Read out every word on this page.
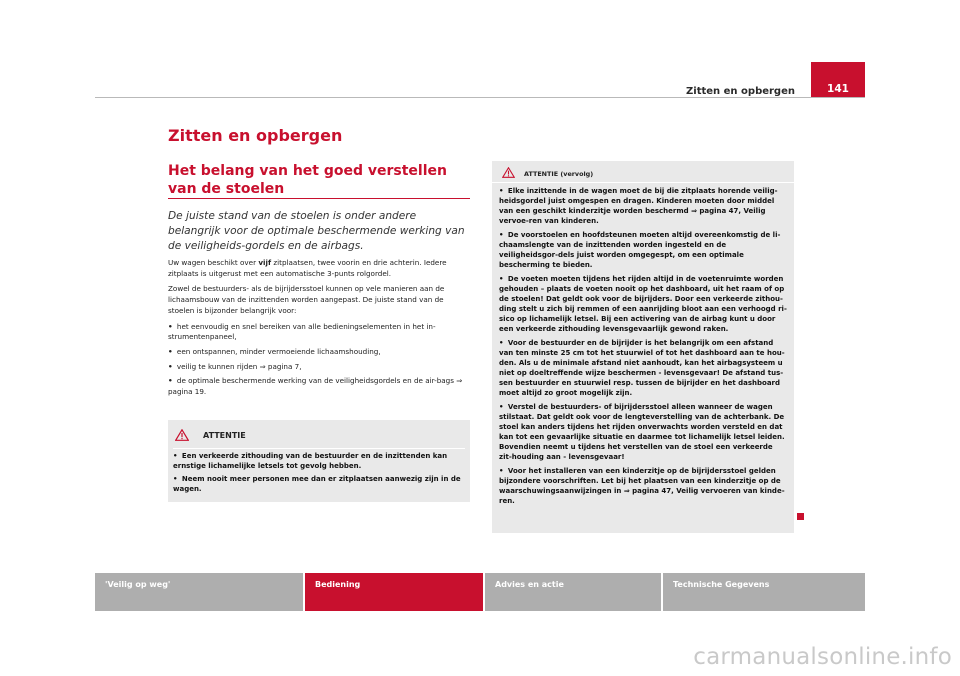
141
Zitten en opbergen
Zitten en opbergen
Het belang van het goed verstellen van de stoelen

De juiste stand van de stoelen is onder andere belangrijk voor de optimale beschermende werking van de veiligheids-gordels en de airbags.

Uw wagen beschikt over vijf zitplaatsen, twee voorin en drie achterin. Iedere zitplaats is uitgerust met een automatische 3-punts rolgordel.

Zowel de bestuurders- als de bijrijdersstoel kunnen op vele manieren aan de lichaamsbouw van de inzittenden worden aangepast. De juiste stand van de stoelen is bijzonder belangrijk voor:

• het eenvoudig en snel bereiken van alle bedieningselementen in het in-strumentenpaneel,

• een ontspannen, minder vermoeiende lichaamshouding,

• veilig te kunnen rijden ⇒ pagina 7,

• de optimale beschermende werking van de veiligheidsgordels en de air-bags ⇒ pagina 19.

ATTENTIE

• Een verkeerde zithouding van de bestuurder en de inzittenden kan ernstige lichamelijke letsels tot gevolg hebben.

• Neem nooit meer personen mee dan er zitplaatsen aanwezig zijn in de wagen.

ATTENTIE (vervolg)

• Elke inzittende in de wagen moet de bij die zitplaats horende veilig-heidsgordel juist omgespen en dragen. Kinderen moeten door middel van een geschikt kinderzitje worden beschermd ⇒ pagina 47, Veilig vervoe-ren van kinderen.

• De voorstoelen en hoofdsteunen moeten altijd overeenkomstig de li-chaamslengte van de inzittenden worden ingesteld en de veiligheidsgor-dels juist worden omgegespt, om een optimale bescherming te bieden.

• De voeten moeten tijdens het rijden altijd in de voetenruimte worden gehouden – plaats de voeten nooit op het dashboard, uit het raam of op de stoelen! Dat geldt ook voor de bijrijders. Door een verkeerde zithou-ding stelt u zich bij remmen of een aanrijding bloot aan een verhoogd ri-sico op lichamelijk letsel. Bij een activering van de airbag kunt u door een verkeerde zithouding levensgevaarlijk gewond raken.

• Voor de bestuurder en de bijrijder is het belangrijk om een afstand van ten minste 25 cm tot het stuurwiel of tot het dashboard aan te hou-den. Als u de minimale afstand niet aanhoudt, kan het airbagsysteem u niet op doeltreffende wijze beschermen - levensgevaar! De afstand tus-sen bestuurder en stuurwiel resp. tussen de bijrijder en het dashboard moet altijd zo groot mogelijk zijn.

• Verstel de bestuurders- of bijrijdersstoel alleen wanneer de wagen stilstaat. Dat geldt ook voor de lengteverstelling van de achterbank. De stoel kan anders tijdens het rijden onverwachts worden versteld en dat kan tot een gevaarlijke situatie en daarmee tot lichamelijk letsel leiden. Bovendien neemt u tijdens het verstellen van de stoel een verkeerde zit-houding aan - levensgevaar!

• Voor het installeren van een kinderzitje op de bijrijdersstoel gelden bijzondere voorschriften. Let bij het plaatsen van een kinderzitje op de waarschuwingsaanwijzingen in ⇒ pagina 47, Veilig vervoeren van kinde-ren.

'Veilig op weg'	Bediening	Advies en actie	Technische Gegevens
carmanualsonline.info
